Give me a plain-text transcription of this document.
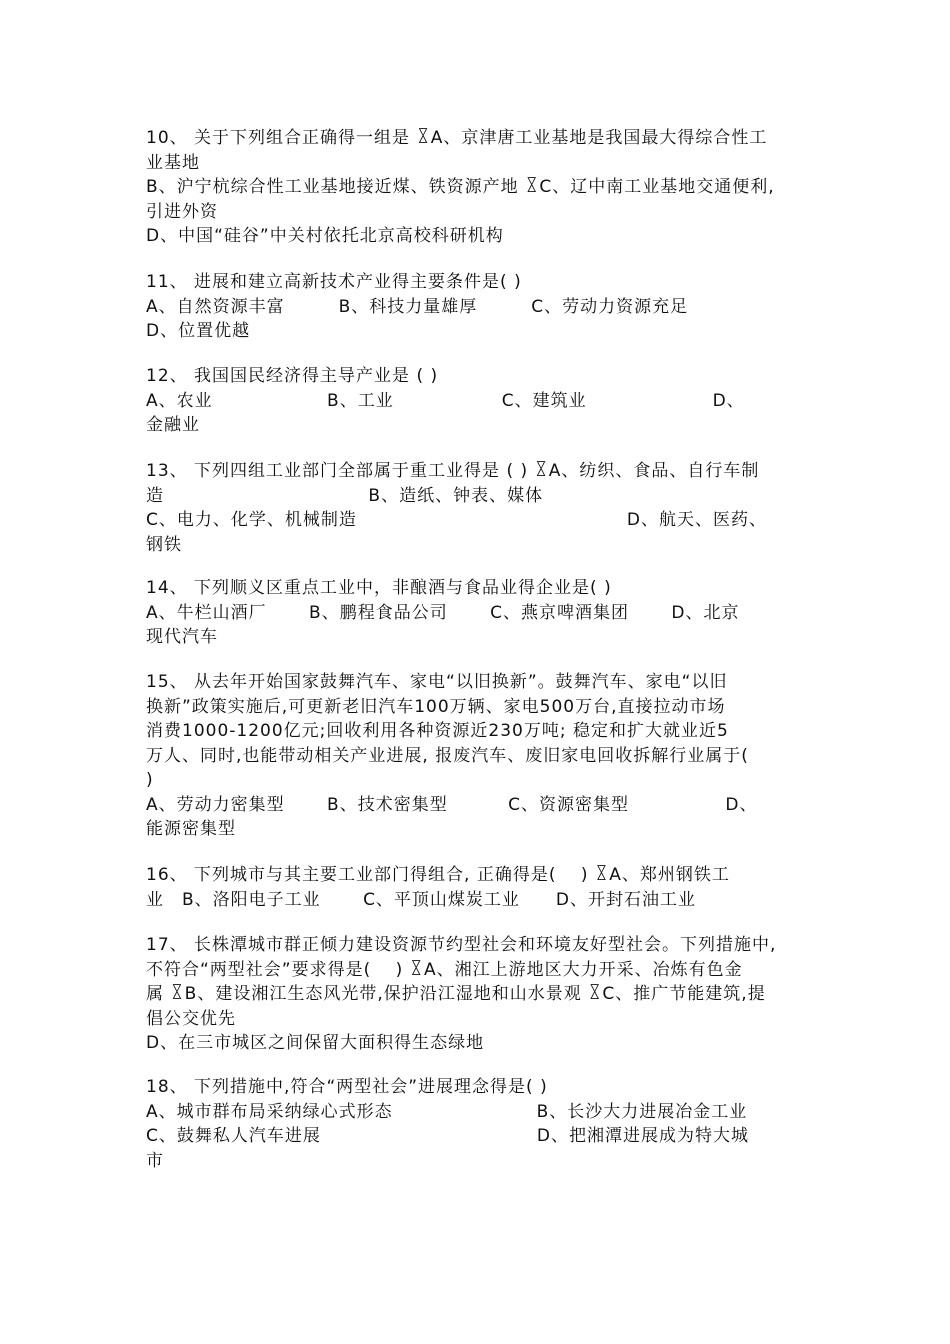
10、 关于下列组合正确得一组是 ꊱA、京津唐工业基地是我国最大得综合性工
业基地
B、沪宁杭综合性工业基地接近煤、铁资源产地 ꊱC、辽中南工业基地交通便利,
引进外资
D、中国“硅谷”中关村依托北京高校科研机构
11、 进展和建立高新技术产业得主要条件是( )
A、自然资源丰富　　　B、科技力量雄厚　　　C、劳动力资源充足
D、位置优越
12、 我国国民经济得主导产业是 ( )
A、农业　　　　　　 B、工业　　　　　　C、建筑业　　　　　　　D、
金融业
13、 下列四组工业部门全部属于重工业得是 ( ) ꊱA、纺织、食品、自行车制
造　　　　　　　　　　　 B、造纸、钟表、媒体
C、电力、化学、机械制造　　　　　　　　　　　　　　　D、航天、医药、
钢铁
14、 下列顺义区重点工业中，非酿酒与食品业得企业是( )
A、牛栏山酒厂　　 B、鹏程食品公司　　 C、燕京啤酒集团　　 D、北京
现代汽车
15、 从去年开始国家鼓舞汽车、家电“以旧换新”。鼓舞汽车、家电“以旧
换新”政策实施后,可更新老旧汽车100万辆、家电500万台,直接拉动市场
消费1000-1200亿元;回收利用各种资源近230万吨; 稳定和扩大就业近5
万人、同时,也能带动相关产业进展, 报废汽车、废旧家电回收拆解行业属于(
)
A、劳动力密集型　　 B、技术密集型　　　 C、资源密集型　　　　　 D、
能源密集型
16、 下列城市与其主要工业部门得组合, 正确得是(　 ) ꊱA、郑州钢铁工
业　B、洛阳电子工业　　 C、平顶山煤炭工业　　D、开封石油工业
17、 长株潭城市群正倾力建设资源节约型社会和环境友好型社会。下列措施中,
不符合“两型社会”要求得是(　 ) ꊱA、湘江上游地区大力开采、冶炼有色金
属 ꊱB、建设湘江生态风光带,保护沿江湿地和山水景观 ꊱC、推广节能建筑,提
倡公交优先
D、在三市城区之间保留大面积得生态绿地
18、 下列措施中,符合“两型社会”进展理念得是( )
A、城市群布局采纳绿心式形态　　　　　　　　B、长沙大力进展冶金工业
C、鼓舞私人汽车进展　　　　　　　　　　　　D、把湘潭进展成为特大城
市
